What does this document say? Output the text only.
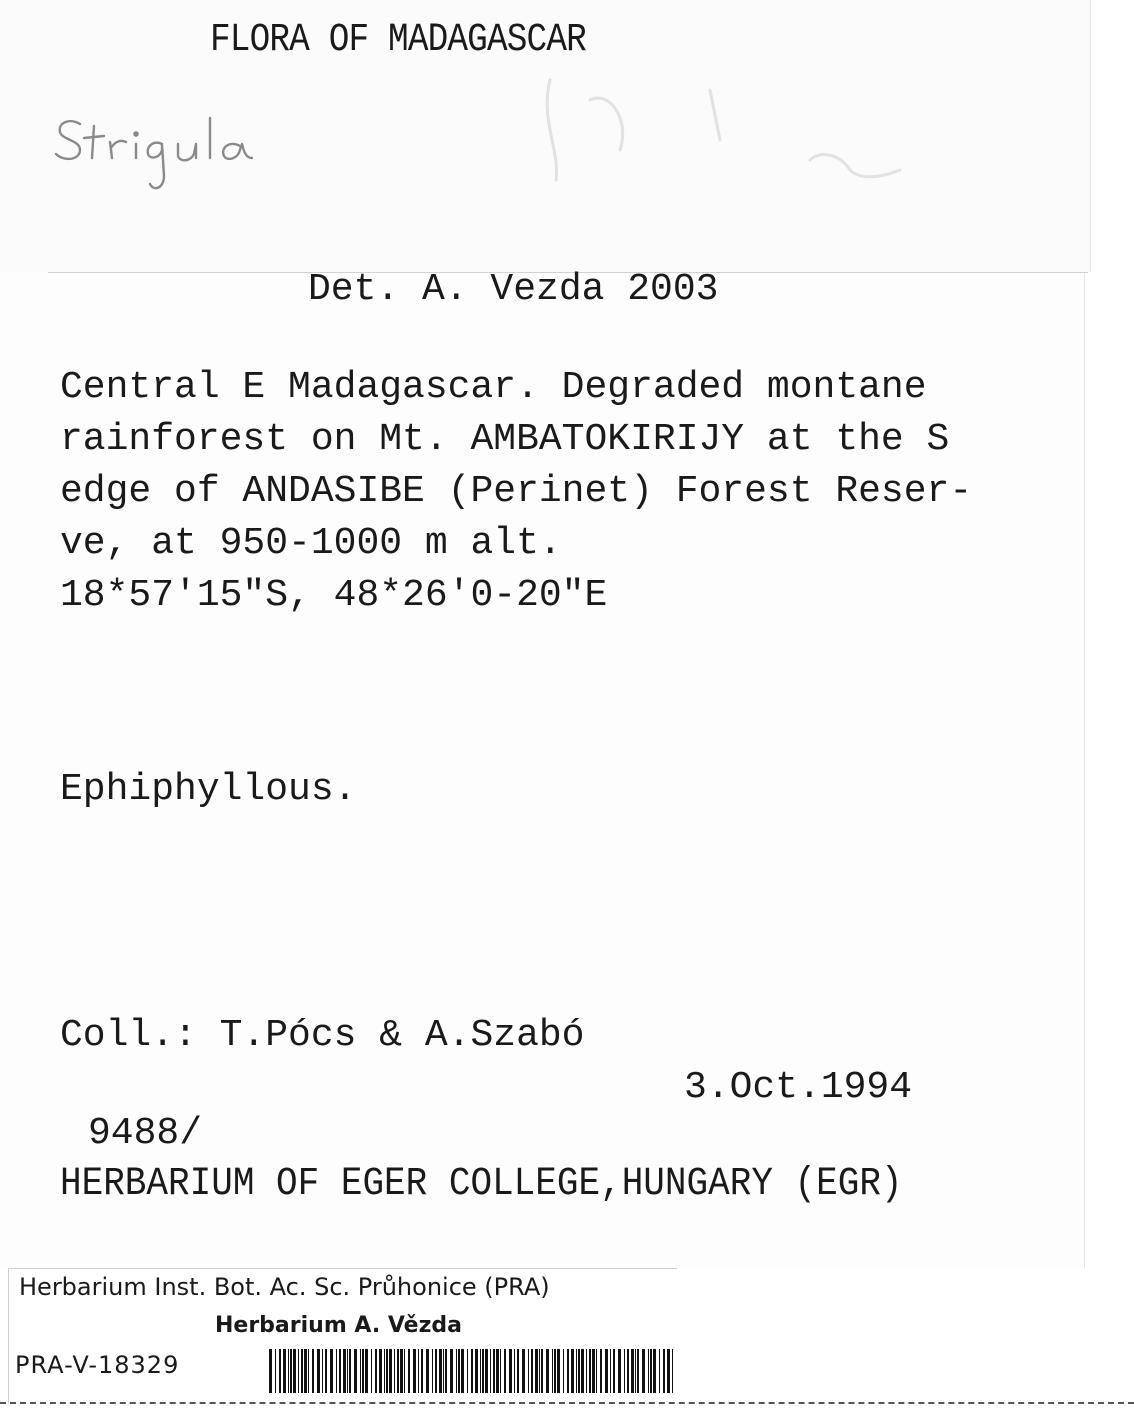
FLORA OF MADAGASCAR

Det. A. Vezda 2003

Central E Madagascar. Degraded montane
rainforest on Mt. AMBATOKIRIJY at the S
edge of ANDASIBE (Perinet) Forest Reser-
ve, at 950-1000 m alt.
18*57'15"S, 48*26'0-20"E

Ephiphyllous.

Coll.: T.Pócs & A.Szabó

3.Oct.1994

9488/

HERBARIUM OF EGER COLLEGE,HUNGARY (EGR)

Herbarium Inst. Bot. Ac. Sc. Průhonice (PRA)
Herbarium A. Vězda
PRA-V-18329
